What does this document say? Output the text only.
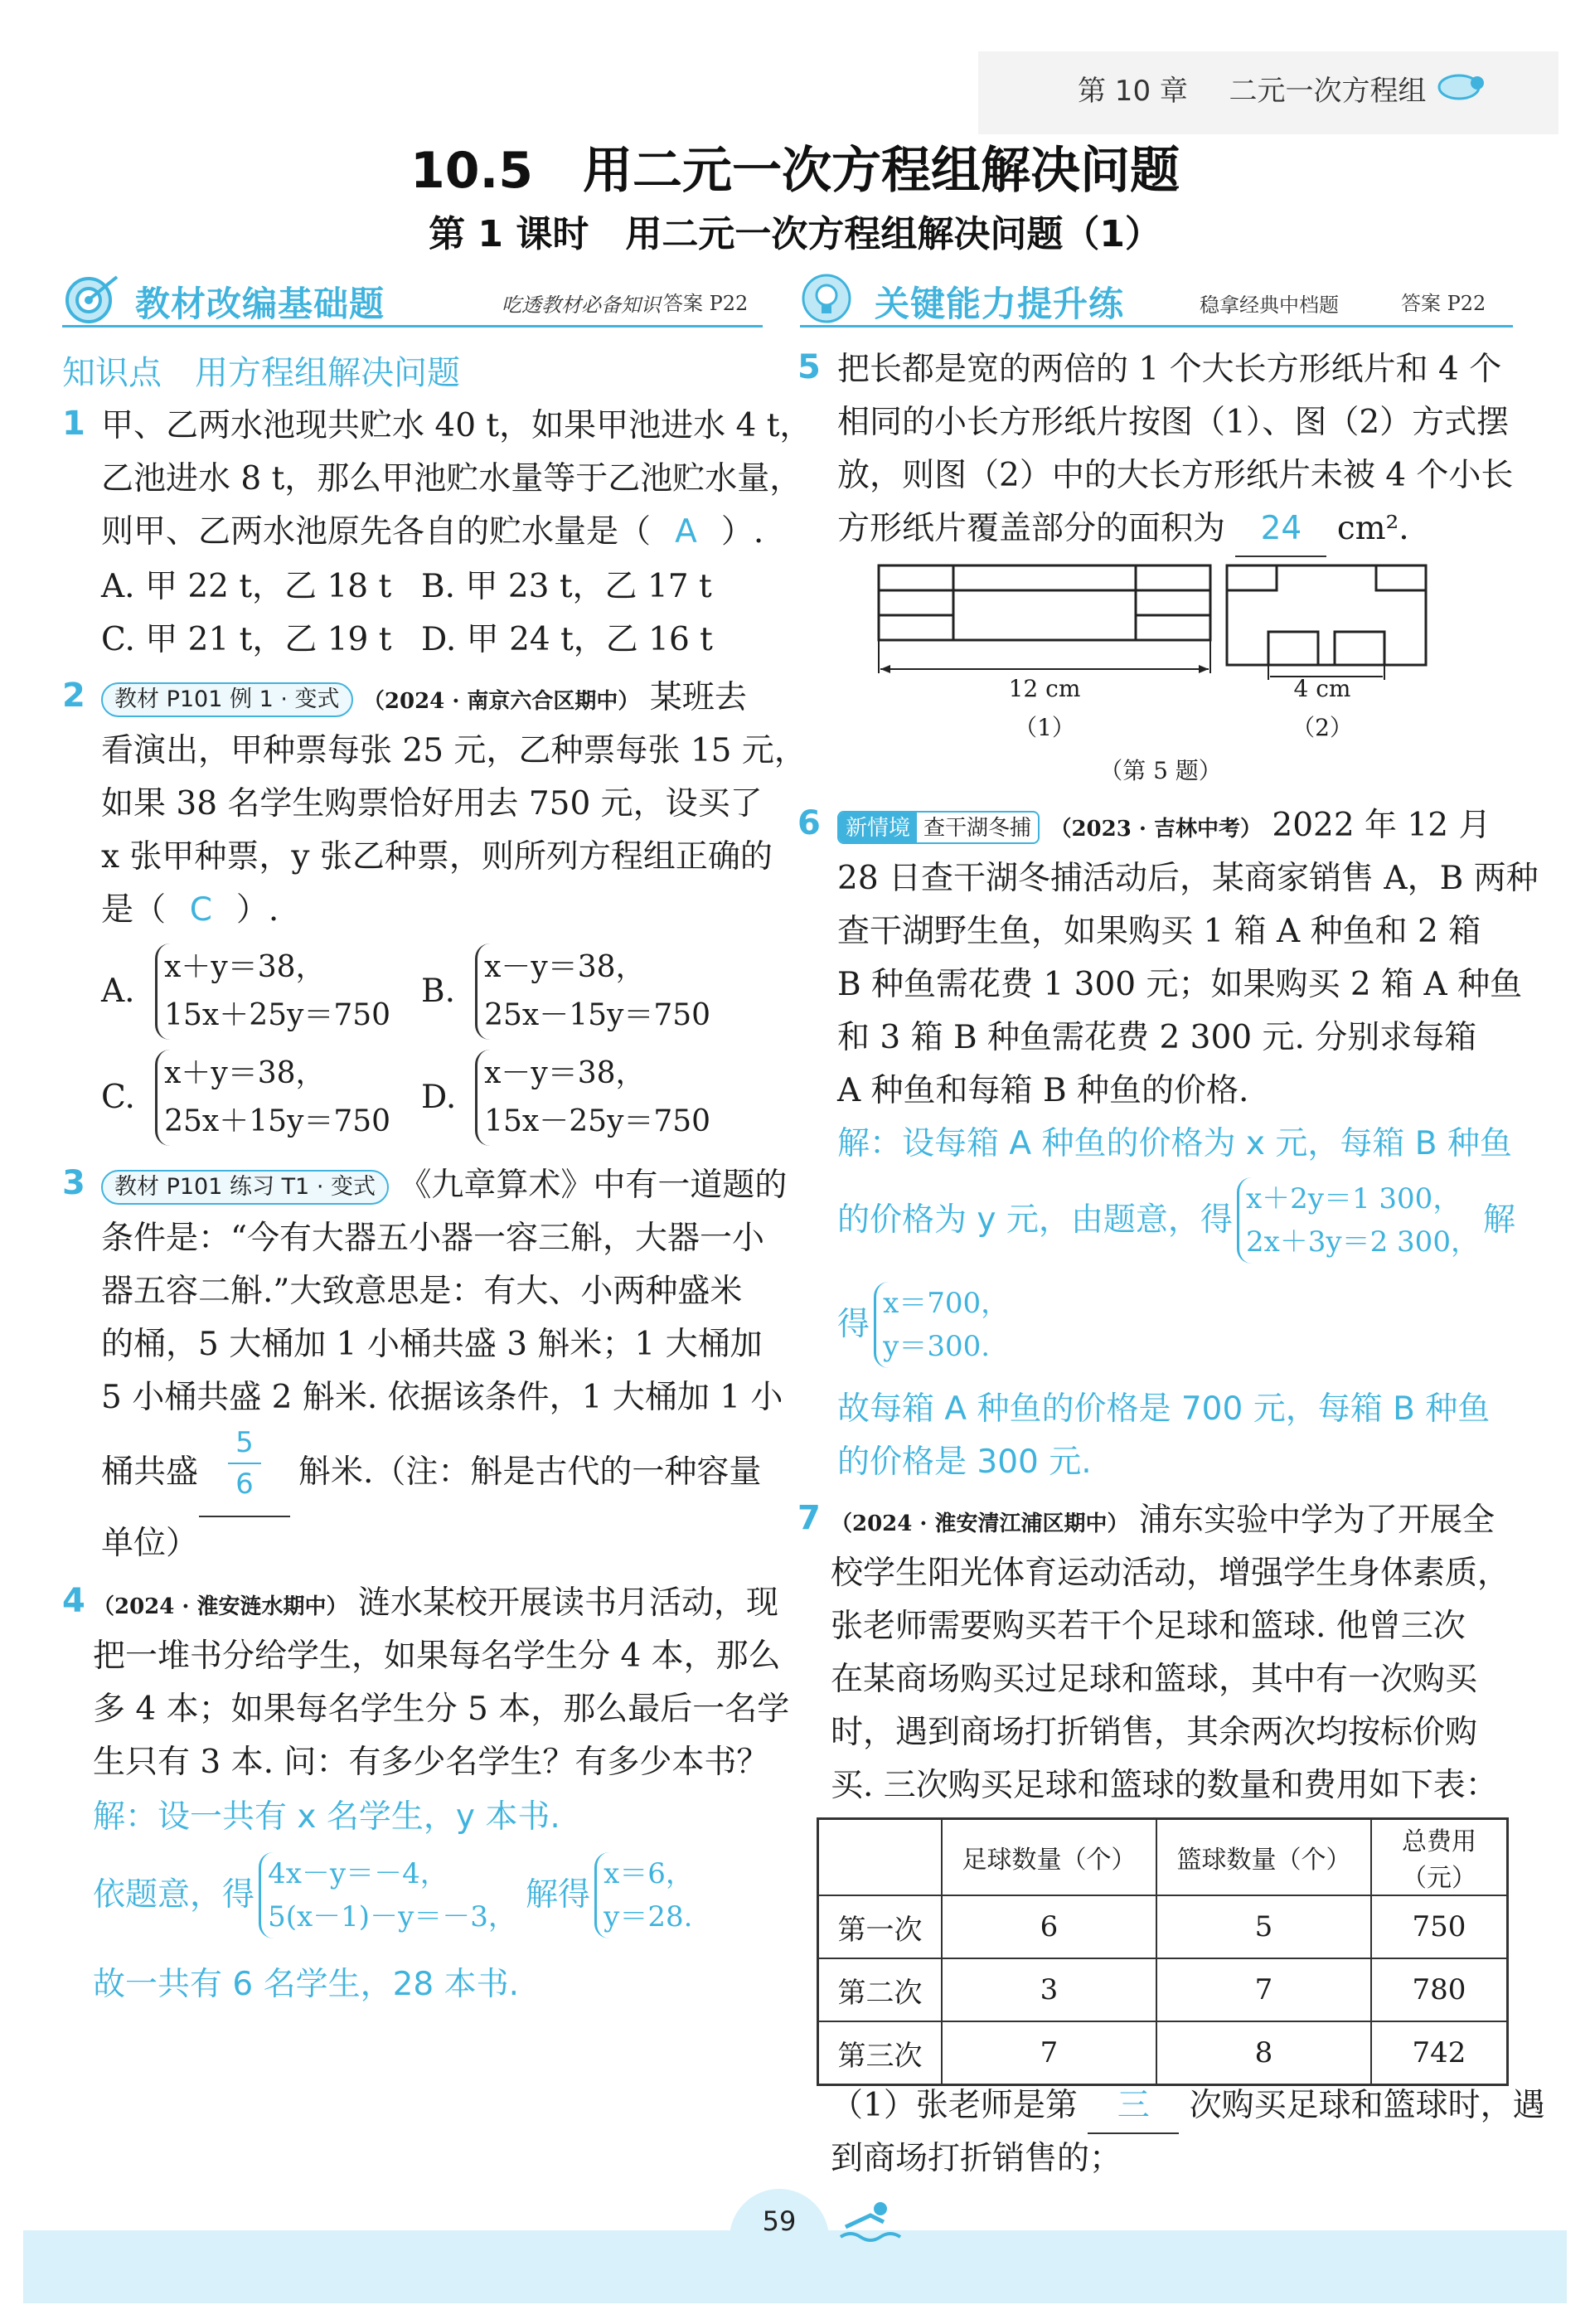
第 10 章 二元一次方程组
10.5　用二元一次方程组解决问题
第 1 课时　用二元一次方程组解决问题（1）
教材改编基础题	吃透教材必备知识 答案 P22
知识点　用方程组解决问题
1 甲、乙两水池现共贮水 40 t，如果甲池进水 4 t，
乙池进水 8 t，那么甲池贮水量等于乙池贮水量，
则甲、乙两水池原先各自的贮水量是（ A ）.
A. 甲 22 t，乙 18 t B. 甲 23 t，乙 17 t
C. 甲 21 t，乙 19 t D. 甲 24 t，乙 16 t
2	教材 P101 例 1 · 变式 （2024 · 南京六合区期中） 某班去
看演出，甲种票每张 25 元，乙种票每张 15 元，
如果 38 名学生购票恰好用去 750 元，设买了
x 张甲种票，y 张乙种票，则所列方程组正确的
是（ C ）.
A.
x＋y＝38，
15x＋25y＝750
B.
x－y＝38，
25x－15y＝750
C.
x＋y＝38，
25x＋15y＝750
D.
x－y＝38，
15x－25y＝750
3	教材 P101 练习 T1 · 变式 《九章算术》中有一道题的
条件是：“今有大器五小器一容三斛，大器一小
器五容二斛.”大致意思是：有大、小两种盛米
的桶，5 大桶加 1 小桶共盛 3 斛米；1 大桶加
5 小桶共盛 2 斛米. 依据该条件，1 大桶加 1 小
桶共盛
5
6	斛米.（注：斛是古代的一种容量
单位）
4 （2024 · 淮安涟水期中） 涟水某校开展读书月活动，现
把一堆书分给学生，如果每名学生分 4 本，那么
多 4 本；如果每名学生分 5 本，那么最后一名学
生只有 3 本. 问：有多少名学生？有多少本书？
解：设一共有 x 名学生，y 本书.
依题意，得
4x－y＝－4，
5(x－1)－y＝－3，
解得
x＝6，
y＝28.
故一共有 6 名学生，28 本书.
关键能力提升练	稳拿经典中档题	答案 P22
5 把长都是宽的两倍的 1 个大长方形纸片和 4 个
相同的小长方形纸片按图（1）、图（2）方式摆
放，则图（2）中的大长方形纸片未被 4 个小长
方形纸片覆盖部分的面积为 24 cm².
12 cm
（1）
4 cm
（2）
（第 5 题）
6	新情境 查干湖冬捕 （2023 · 吉林中考） 2022 年 12 月
28 日查干湖冬捕活动后，某商家销售 A，B 两种
查干湖野生鱼，如果购买 1 箱 A 种鱼和 2 箱
B 种鱼需花费 1 300 元；如果购买 2 箱 A 种鱼
和 3 箱 B 种鱼需花费 2 300 元. 分别求每箱
A 种鱼和每箱 B 种鱼的价格.
解：设每箱 A 种鱼的价格为 x 元，每箱 B 种鱼
的价格为 y 元，由题意，得
x＋2y＝1 300，
2x＋3y＝2 300，
解
得
x＝700，
y＝300.
故每箱 A 种鱼的价格是 700 元，每箱 B 种鱼
的价格是 300 元.
7 （2024 · 淮安清江浦区期中） 浦东实验中学为了开展全
校学生阳光体育运动活动，增强学生身体素质，
张老师需要购买若干个足球和篮球. 他曾三次
在某商场购买过足球和篮球，其中有一次购买
时，遇到商场打折销售，其余两次均按标价购
买. 三次购买足球和篮球的数量和费用如下表：
	足球数量（个）	篮球数量（个）	总费用（元）
第一次	6	5	750
第二次	3	7	780
第三次	7	8	742
（1）张老师是第 三 次购买足球和篮球时，遇
到商场打折销售的；
59
